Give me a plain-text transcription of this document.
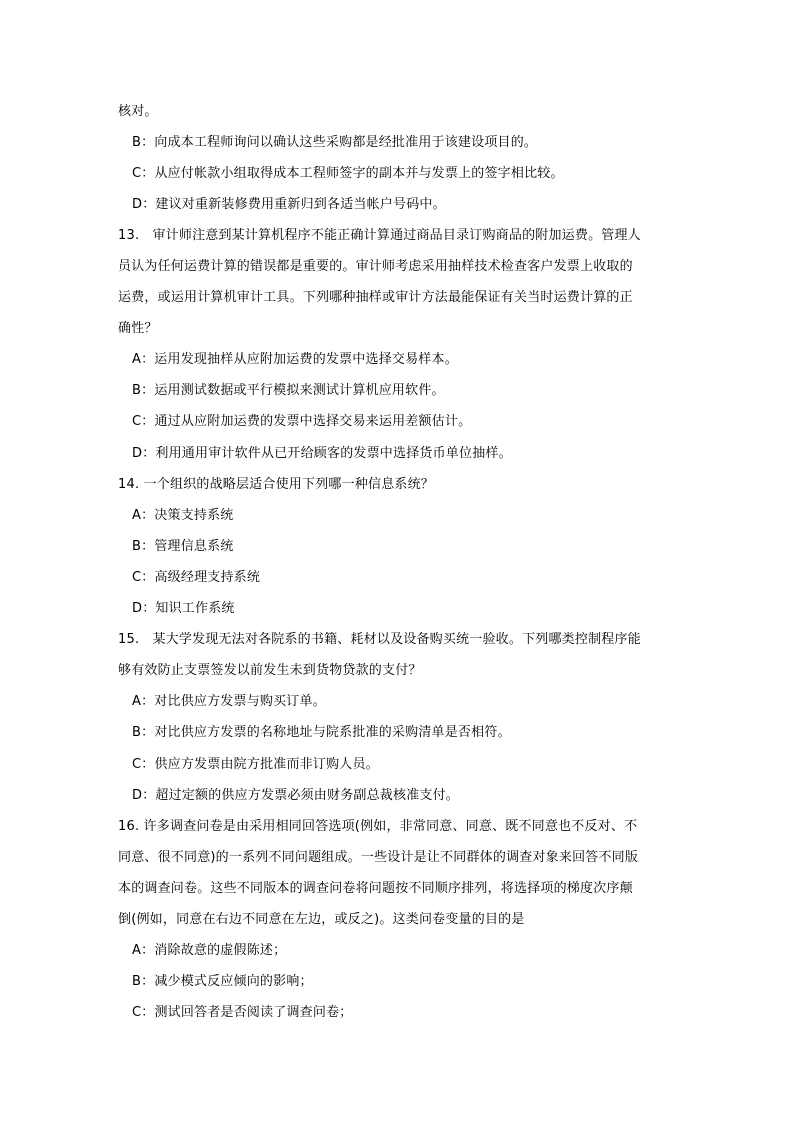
核对。
B：向成本工程师询问以确认这些采购都是经批准用于该建设项目的。
C：从应付帐款小组取得成本工程师签字的副本并与发票上的签字相比较。
D：建议对重新装修费用重新归到各适当帐户号码中。
13.　审计师注意到某计算机程序不能正确计算通过商品目录订购商品的附加运费。管理人
员认为任何运费计算的错误都是重要的。审计师考虑采用抽样技术检查客户发票上收取的
运费，或运用计算机审计工具。下列哪种抽样或审计方法最能保证有关当时运费计算的正
确性？
A：运用发现抽样从应附加运费的发票中选择交易样本。
B：运用测试数据或平行模拟来测试计算机应用软件。
C：通过从应附加运费的发票中选择交易来运用差额估计。
D：利用通用审计软件从已开给顾客的发票中选择货币单位抽样。
14. 一个组织的战略层适合使用下列哪一种信息系统？
A：决策支持系统
B：管理信息系统
C：高级经理支持系统
D：知识工作系统
15.　某大学发现无法对各院系的书籍、耗材以及设备购买统一验收。下列哪类控制程序能
够有效防止支票签发以前发生未到货物贷款的支付？
A：对比供应方发票与购买订单。
B：对比供应方发票的名称地址与院系批准的采购清单是否相符。
C：供应方发票由院方批准而非订购人员。
D：超过定额的供应方发票必须由财务副总裁核准支付。
16. 许多调查问卷是由采用相同回答选项(例如，非常同意、同意、既不同意也不反对、不
同意、很不同意)的一系列不同问题组成。一些设计是让不同群体的调查对象来回答不同版
本的调查问卷。这些不同版本的调查问卷将问题按不同顺序排列，将选择项的梯度次序颠
倒(例如，同意在右边不同意在左边，或反之)。这类问卷变量的目的是
A：消除故意的虚假陈述；
B：减少模式反应倾向的影响；
C：测试回答者是否阅读了调查问卷；
